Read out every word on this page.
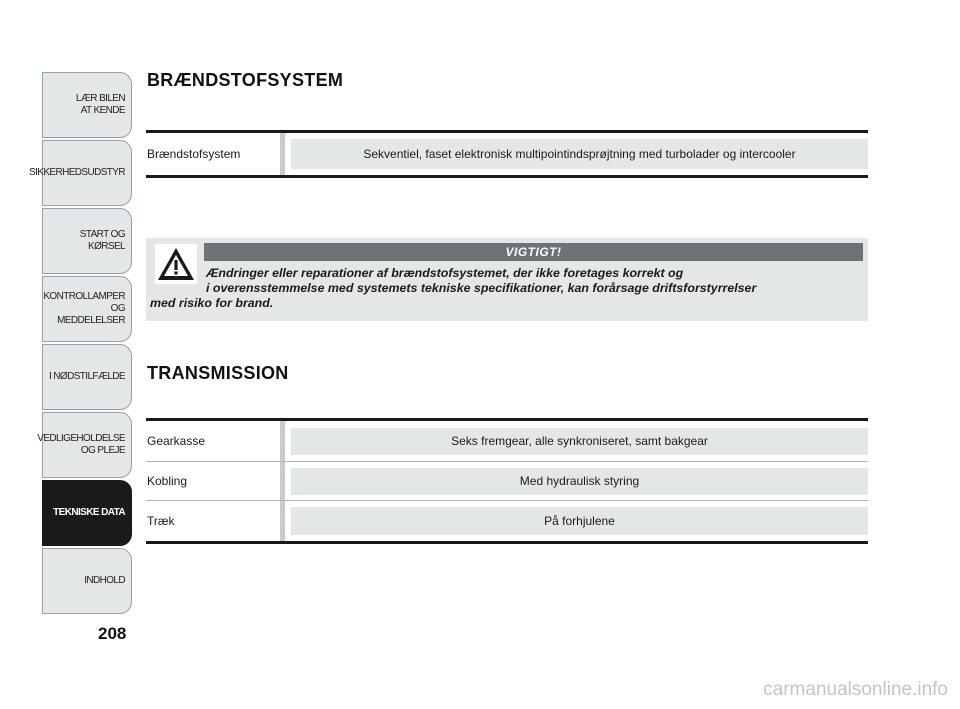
LÆR BILEN
AT KENDE
SIKKERHEDSUDSTYR
START OG KØRSEL
KONTROLLAMPER
OG MEDDELELSER
I NØDSTILFÆLDE
VEDLIGEHOLDELSE
OG PLEJE
TEKNISKE DATA
INDHOLD
208
BRÆNDSTOFSYSTEM
Brændstofsystem	Sekventiel, faset elektronisk multipointindsprøjtning med turbolader og intercooler
VIGTIGT!
Ændringer eller reparationer af brændstofsystemet, der ikke foretages korrekt og
i overensstemmelse med systemets tekniske specifikationer, kan forårsage driftsforstyrrelser
med risiko for brand.
TRANSMISSION
Gearkasse	Seks fremgear, alle synkroniseret, samt bakgear
Kobling	Med hydraulisk styring
Træk	På forhjulene
carmanualsonline.info
